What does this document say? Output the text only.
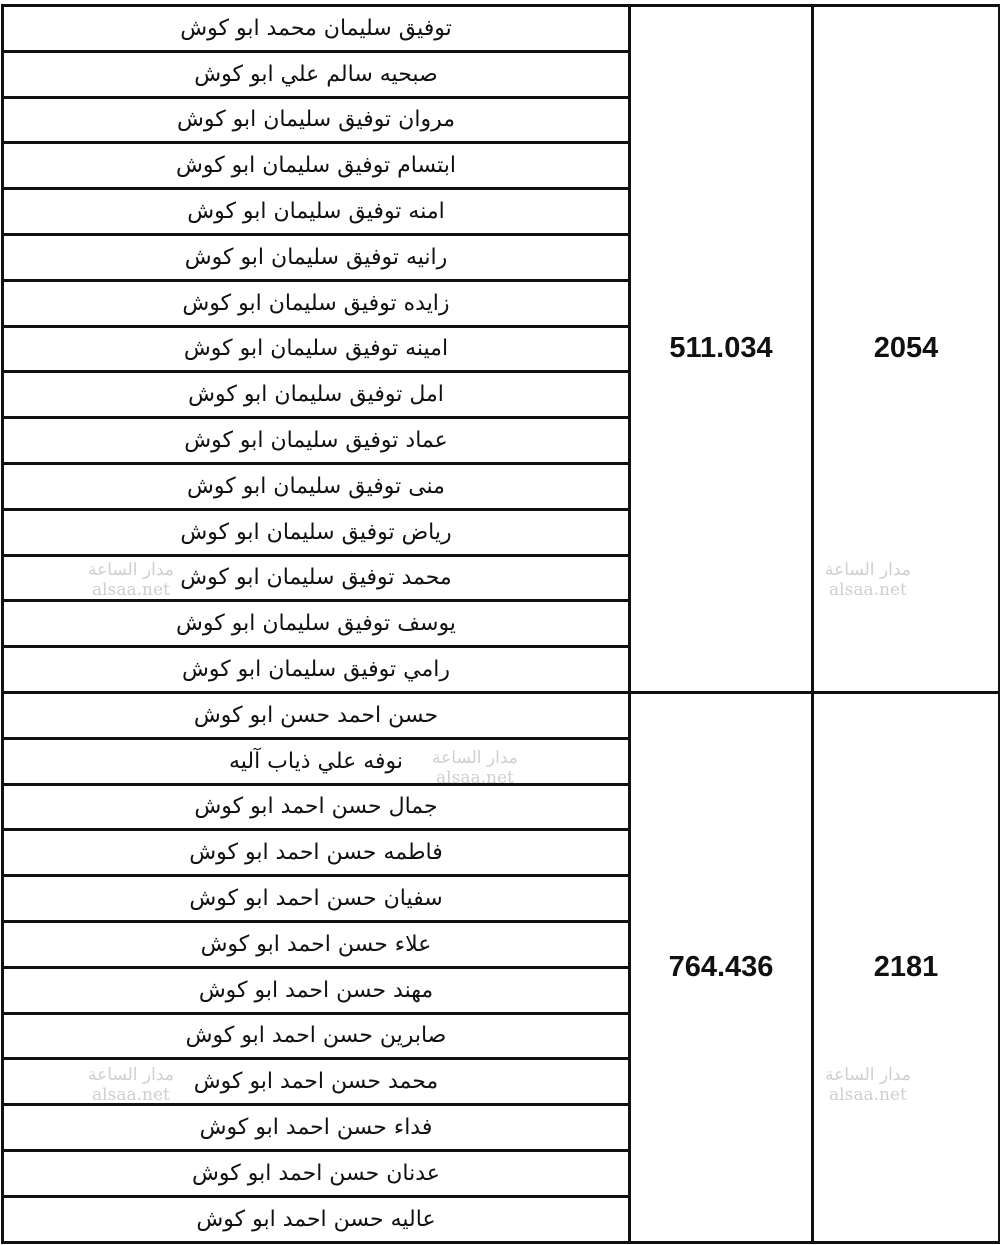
توفيق سليمان محمد ابو كوش	511.034	2054
صبحيه سالم علي ابو كوش		
مروان توفيق سليمان ابو كوش		
ابتسام توفيق سليمان ابو كوش		
امنه توفيق سليمان ابو كوش		
رانيه توفيق سليمان ابو كوش		
زايده توفيق سليمان ابو كوش		
امينه توفيق سليمان ابو كوش		
امل توفيق سليمان ابو كوش		
عماد توفيق سليمان ابو كوش		
منى توفيق سليمان ابو كوش		
رياض توفيق سليمان ابو كوش		
محمد توفيق سليمان ابو كوش		
يوسف توفيق سليمان ابو كوش		
رامي توفيق سليمان ابو كوش		
حسن احمد حسن ابو كوش	764.436	2181
نوفه علي ذياب آليه		
جمال حسن احمد ابو كوش		
فاطمه حسن احمد ابو كوش		
سفيان حسن احمد ابو كوش		
علاء حسن احمد ابو كوش		
مهند حسن احمد ابو كوش		
صابرين حسن احمد ابو كوش		
محمد حسن احمد ابو كوش		
فداء حسن احمد ابو كوش		
عدنان حسن احمد ابو كوش		
عاليه حسن احمد ابو كوش		
مدار الساعة
alsaa.net
مدار الساعة
alsaa.net
مدار الساعة
alsaa.net
مدار الساعة
alsaa.net
مدار الساعة
alsaa.net
